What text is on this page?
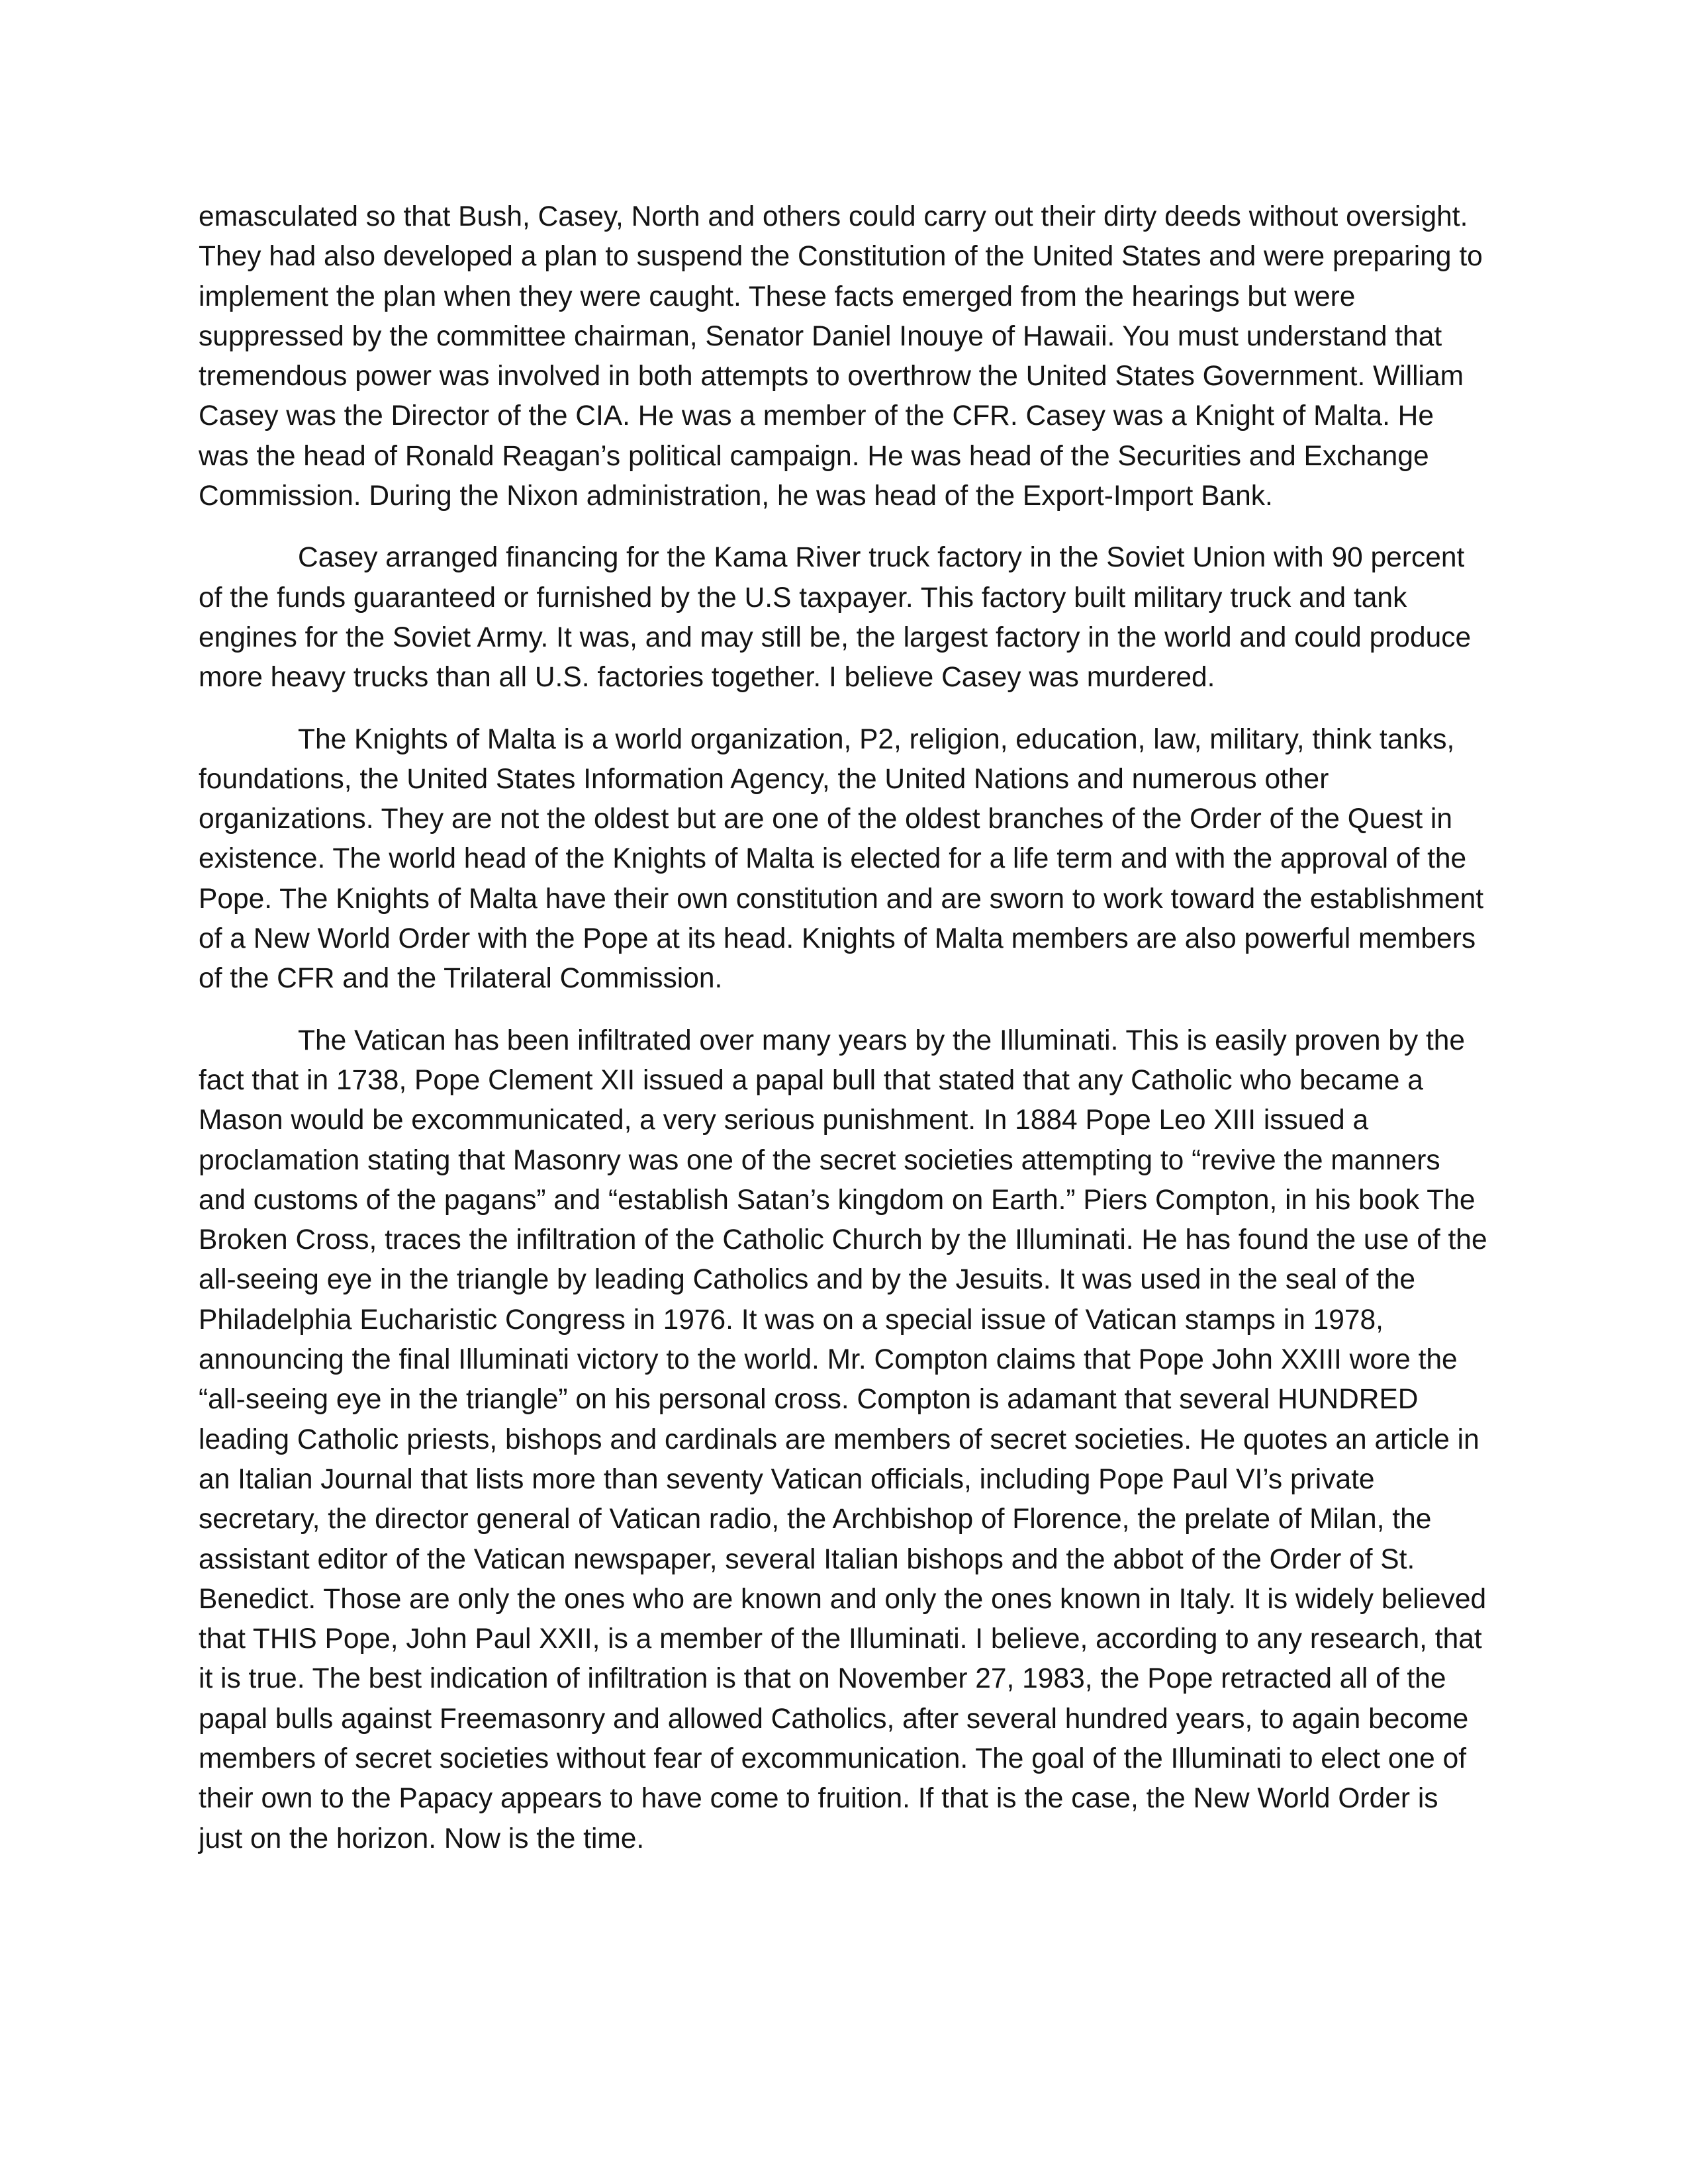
emasculated so that Bush, Casey, North and others could carry out their dirty deeds without oversight. They had also developed a plan to suspend the Constitution of the United States and were preparing to implement the plan when they were caught. These facts emerged from the hearings but were suppressed by the committee chairman, Senator Daniel Inouye of Hawaii. You must understand that tremendous power was involved in both attempts to overthrow the United States Government. William Casey was the Director of the CIA. He was a member of the CFR. Casey was a Knight of Malta. He was the head of Ronald Reagan’s political campaign. He was head of the Securities and Exchange Commission. During the Nixon administration, he was head of the Export-Import Bank.

Casey arranged financing for the Kama River truck factory in the Soviet Union with 90 percent of the funds guaranteed or furnished by the U.S taxpayer. This factory built military truck and tank engines for the Soviet Army. It was, and may still be, the largest factory in the world and could produce more heavy trucks than all U.S. factories together. I believe Casey was murdered.

The Knights of Malta is a world organization, P2, religion, education, law, military, think tanks, foundations, the United States Information Agency, the United Nations and numerous other organizations. They are not the oldest but are one of the oldest branches of the Order of the Quest in existence. The world head of the Knights of Malta is elected for a life term and with the approval of the Pope. The Knights of Malta have their own constitution and are sworn to work toward the establishment of a New World Order with the Pope at its head. Knights of Malta members are also powerful members of the CFR and the Trilateral Commission.

The Vatican has been infiltrated over many years by the Illuminati. This is easily proven by the fact that in 1738, Pope Clement XII issued a papal bull that stated that any Catholic who became a Mason would be excommunicated, a very serious punishment. In 1884 Pope Leo XIII issued a proclamation stating that Masonry was one of the secret societies attempting to “revive the manners and customs of the pagans” and “establish Satan’s kingdom on Earth.” Piers Compton, in his book The Broken Cross, traces the infiltration of the Catholic Church by the Illuminati. He has found the use of the all-seeing eye in the triangle by leading Catholics and by the Jesuits. It was used in the seal of the Philadelphia Eucharistic Congress in 1976. It was on a special issue of Vatican stamps in 1978, announcing the final Illuminati victory to the world. Mr. Compton claims that Pope John XXIII wore the “all-seeing eye in the triangle” on his personal cross. Compton is adamant that several HUNDRED leading Catholic priests, bishops and cardinals are members of secret societies. He quotes an article in an Italian Journal that lists more than seventy Vatican officials, including Pope Paul VI’s private secretary, the director general of Vatican radio, the Archbishop of Florence, the prelate of Milan, the assistant editor of the Vatican newspaper, several Italian bishops and the abbot of the Order of St. Benedict. Those are only the ones who are known and only the ones known in Italy. It is widely believed that THIS Pope, John Paul XXII, is a member of the Illuminati. I believe, according to any research, that it is true. The best indication of infiltration is that on November 27, 1983, the Pope retracted all of the papal bulls against Freemasonry and allowed Catholics, after several hundred years, to again become members of secret societies without fear of excommunication. The goal of the Illuminati to elect one of their own to the Papacy appears to have come to fruition. If that is the case, the New World Order is just on the horizon. Now is the time.
